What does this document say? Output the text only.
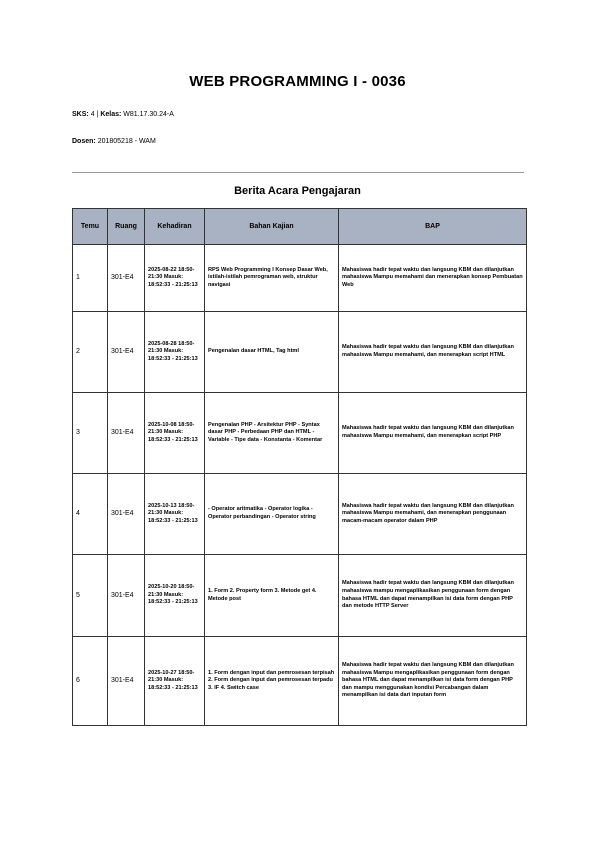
WEB PROGRAMMING I - 0036
SKS: 4 | Kelas: W81.17.30.24-A
Dosen: 201805218 - WAM
Berita Acara Pengajaran
Temu	Ruang	Kehadiran	Bahan Kajian	BAP
1	301-E4	2025-08-22 18:50-21:30 Masuk: 18:52:33 - 21:25:13	RPS Web Programming I Konsep Dasar Web, istilah-istilah pemrograman web, struktur navigasi	Mahasiswa hadir tepat waktu dan langsung KBM dan dilanjutkan mahasiswa Mampu memahami dan menerapkan konsep Pembuatan Web
2	301-E4	2025-08-28 18:50-21:30 Masuk: 18:52:33 - 21:25:13	Pengenalan dasar HTML, Tag html	Mahasiswa hadir tepat waktu dan langsung KBM dan dilanjutkan mahasiswa Mampu memahami, dan menerapkan script HTML
3	301-E4	2025-10-08 18:50-21:30 Masuk: 18:52:33 - 21:25:13	Pengenalan PHP - Arsitektur PHP - Syntax dasar PHP - Perbedaan PHP dan HTML - Variable - Tipe data - Konstanta - Komentar	Mahasiswa hadir tepat waktu dan langsung KBM dan dilanjutkan mahasiswa Mampu memahami, dan menerapkan script PHP
4	301-E4	2025-10-13 18:50-21:30 Masuk: 18:52:33 - 21:25:13	- Operator aritmatika - Operator logika - Operator perbandingan - Operator string	Mahasiswa hadir tepat waktu dan langsung KBM dan dilanjutkan mahasiswa Mampu memahami, dan menerapkan penggunaan macam-macam operator dalam PHP
5	301-E4	2025-10-20 18:50-21:30 Masuk: 18:52:33 - 21:25:13	1. Form 2. Property form 3. Metode get 4. Metode post	Mahasiswa hadir tepat waktu dan langsung KBM dan dilanjutkan mahasiswa mampu mengaplikasikan penggunaan form dengan bahasa HTML dan dapat menampilkan isi data form dengan PHP dan metode HTTP Server
6	301-E4	2025-10-27 18:50-21:30 Masuk: 18:52:33 - 21:25:13	1. Form dengan input dan pemrosesan terpisah 2. Form dengan input dan pemrosesan terpadu 3. IF 4. Switch case	Mahasiswa hadir tepat waktu dan langsung KBM dan dilanjutkan mahasiswa Mampu mengaplikasikan penggunaan form dengan bahasa HTML dan dapat menampilkan isi data form dengan PHP dan mampu menggunakan kondisi Percabangan dalam menampilkan isi data dari inputan form
